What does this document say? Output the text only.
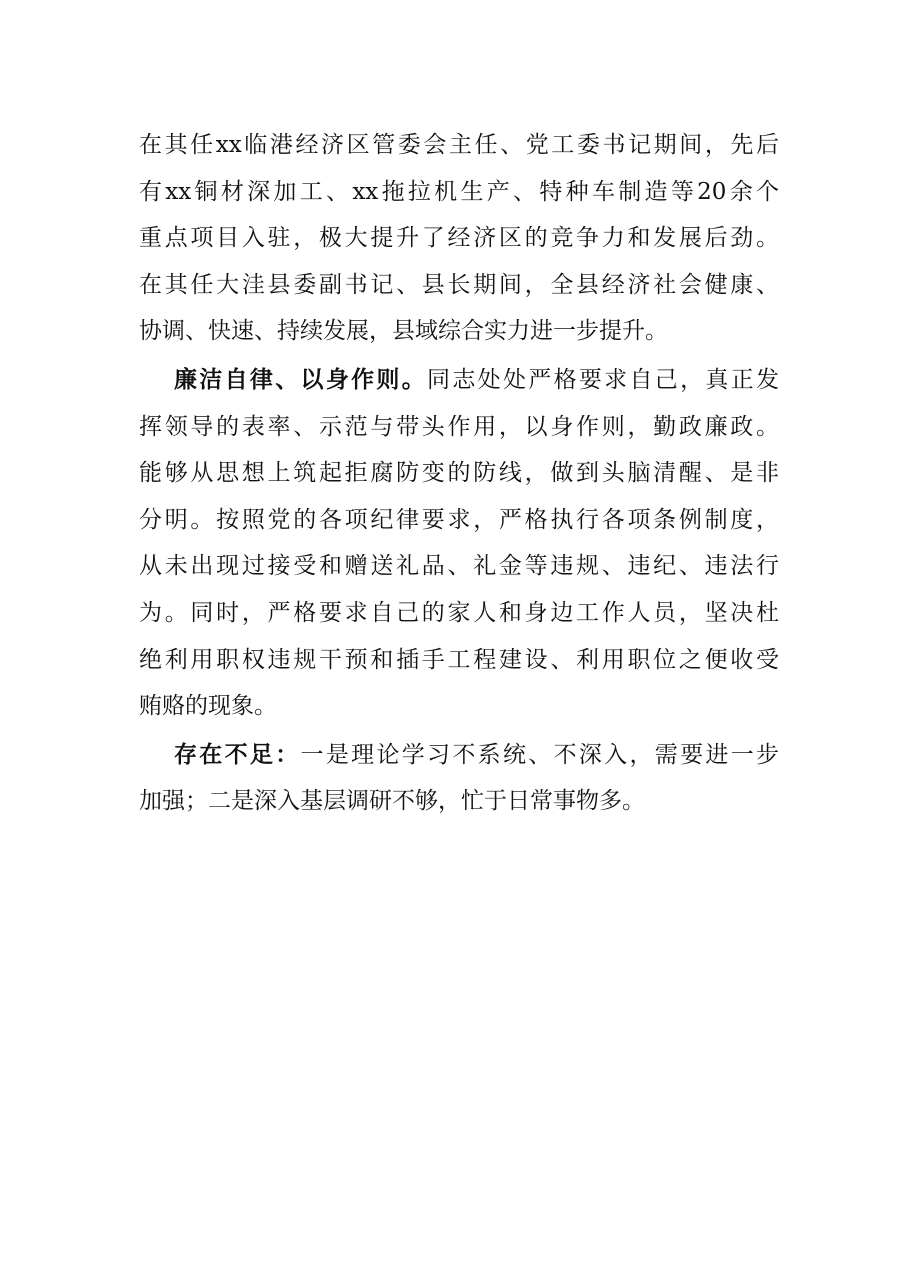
在其任xx临港经济区管委会主任、党工委书记期间，先后
有xx铜材深加工、xx拖拉机生产、特种车制造等20余个
重点项目入驻，极大提升了经济区的竞争力和发展后劲。
在其任大洼县委副书记、县长期间，全县经济社会健康、
协调、快速、持续发展，县域综合实力进一步提升。
廉洁自律、以身作则。同志处处严格要求自己，真正发
挥领导的表率、示范与带头作用，以身作则，勤政廉政。
能够从思想上筑起拒腐防变的防线，做到头脑清醒、是非
分明。按照党的各项纪律要求，严格执行各项条例制度，
从未出现过接受和赠送礼品、礼金等违规、违纪、违法行
为。同时，严格要求自己的家人和身边工作人员，坚决杜
绝利用职权违规干预和插手工程建设、利用职位之便收受
贿赂的现象。
存在不足：一是理论学习不系统、不深入，需要进一步
加强；二是深入基层调研不够，忙于日常事物多。
